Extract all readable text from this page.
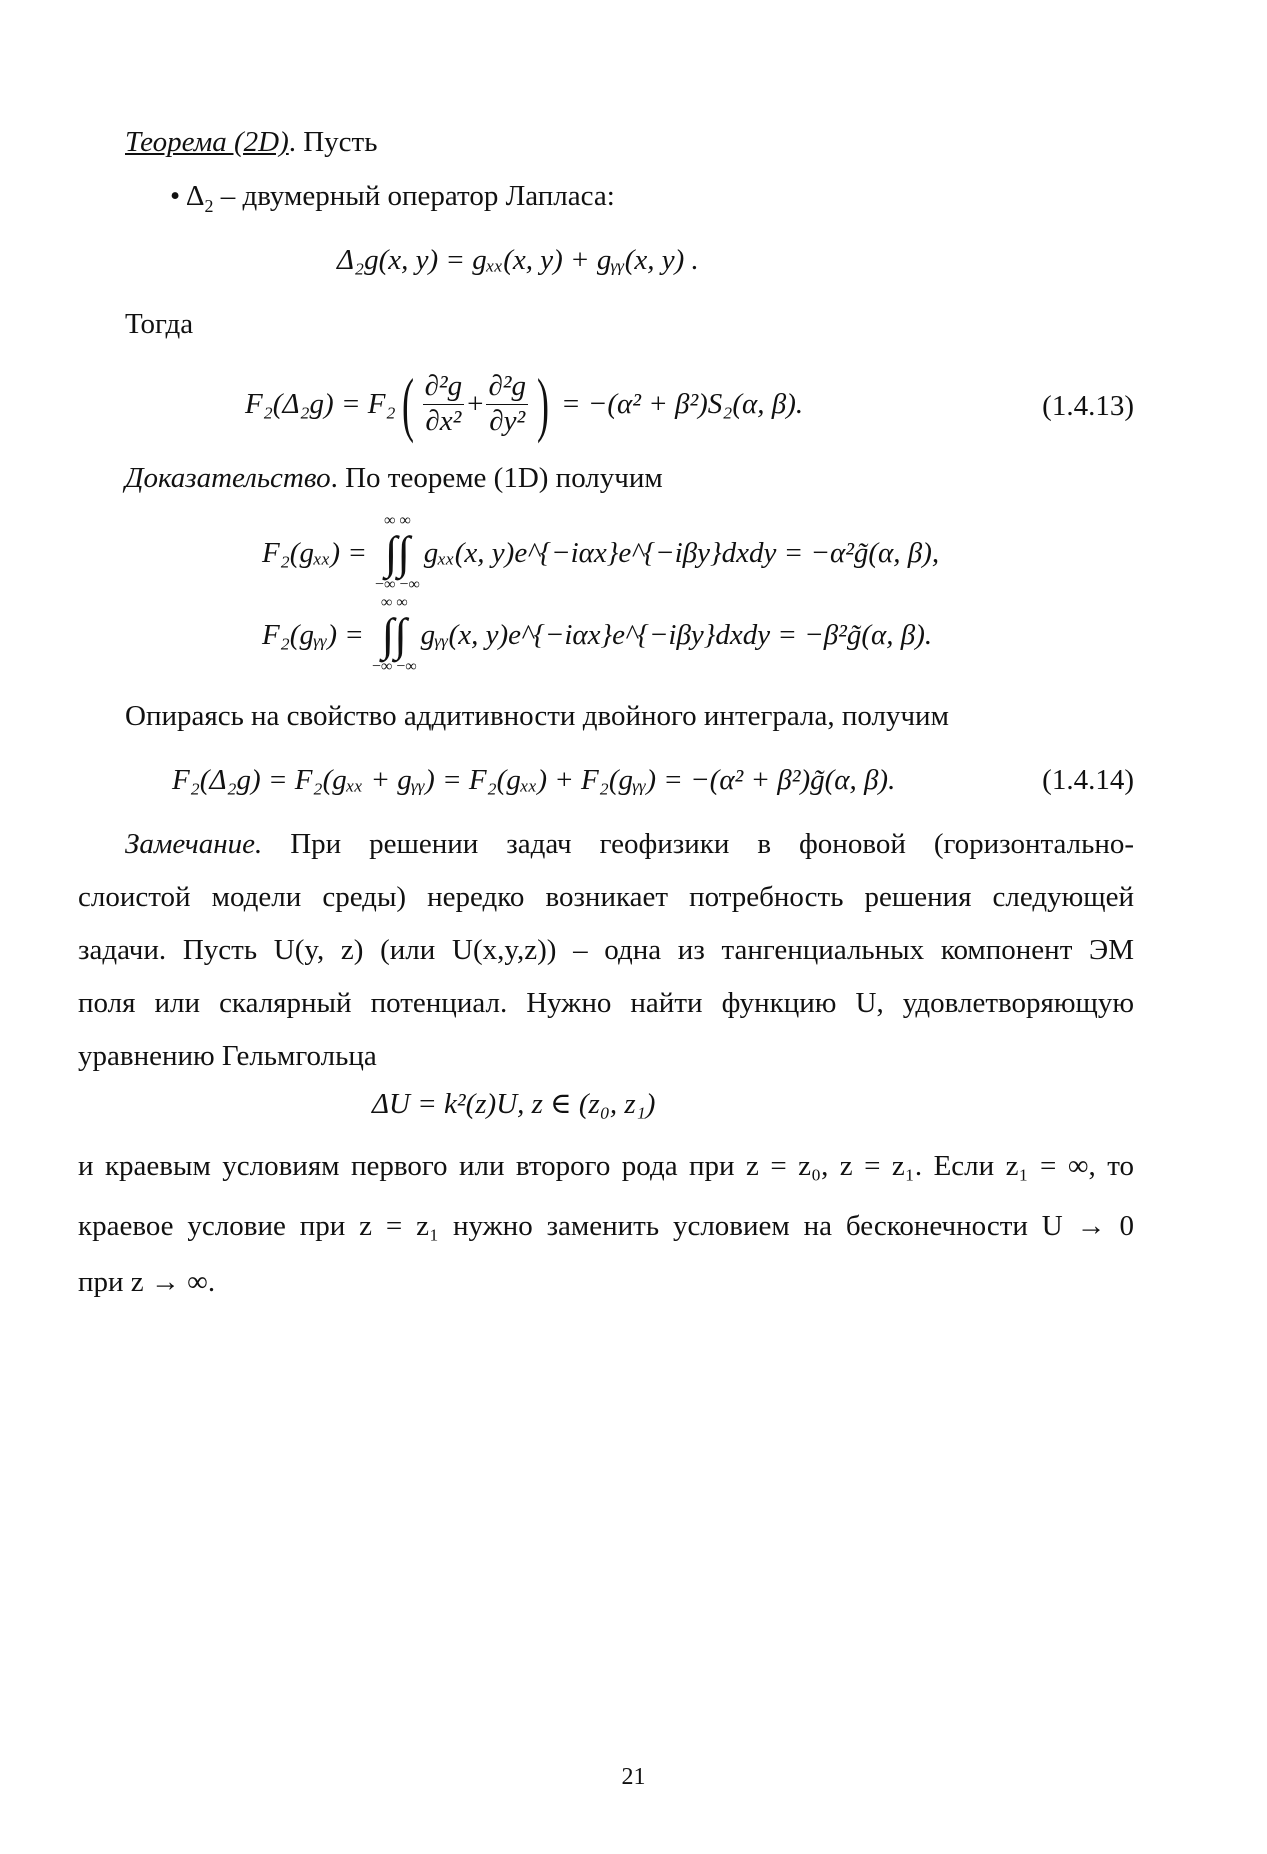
Теорема (2D). Пусть
• $\Delta_2$ – двумерный оператор Лапласа:
Δ₂g(x, y) = gₓₓ(x, y) + gᵧᵧ(x, y) .
Тогда
F₂(Δ₂g) = F₂ ( $\frac{\text{∂²g}}{\text{∂x²}} + \frac{\text{∂²g}}{\text{∂y²}}$ ) = −(α² + β²)S₂(α, β).	(1.4.13)
Доказательство. По теореме (1D) получим
F₂(gₓₓ) =
∞ ∞
∫∫
−∞ −∞
gₓₓ(x, y)e^{−iαx}e^{−iβy}dxdy = −α²g̃(α, β),
F₂(gᵧᵧ) =
∞ ∞
∫∫
−∞ −∞
gᵧᵧ(x, y)e^{−iαx}e^{−iβy}dxdy = −β²g̃(α, β).
Опираясь на свойство аддитивности двойного интеграла, получим
F₂(Δ₂g) = F₂(gₓₓ + gᵧᵧ) = F₂(gₓₓ) + F₂(gᵧᵧ) = −(α² + β²)g̃(α, β).	(1.4.14)
Замечание. При решении задач геофизики в фоновой (горизонтально-
слоистой модели среды) нередко возникает потребность решения следующей
задачи. Пусть U(y, z) (или U(x,y,z)) – одна из тангенциальных компонент ЭМ
поля или скалярный потенциал. Нужно найти функцию U, удовлетворяющую
уравнению Гельмгольца
ΔU = k²(z)U, z ∈ (z₀, z₁)
и краевым условиям первого или второго рода при z = z₀, z = z₁. Если z₁ = ∞, то
краевое условие при z = z₁ нужно заменить условием на бесконечности U → 0
при z → ∞.
21
